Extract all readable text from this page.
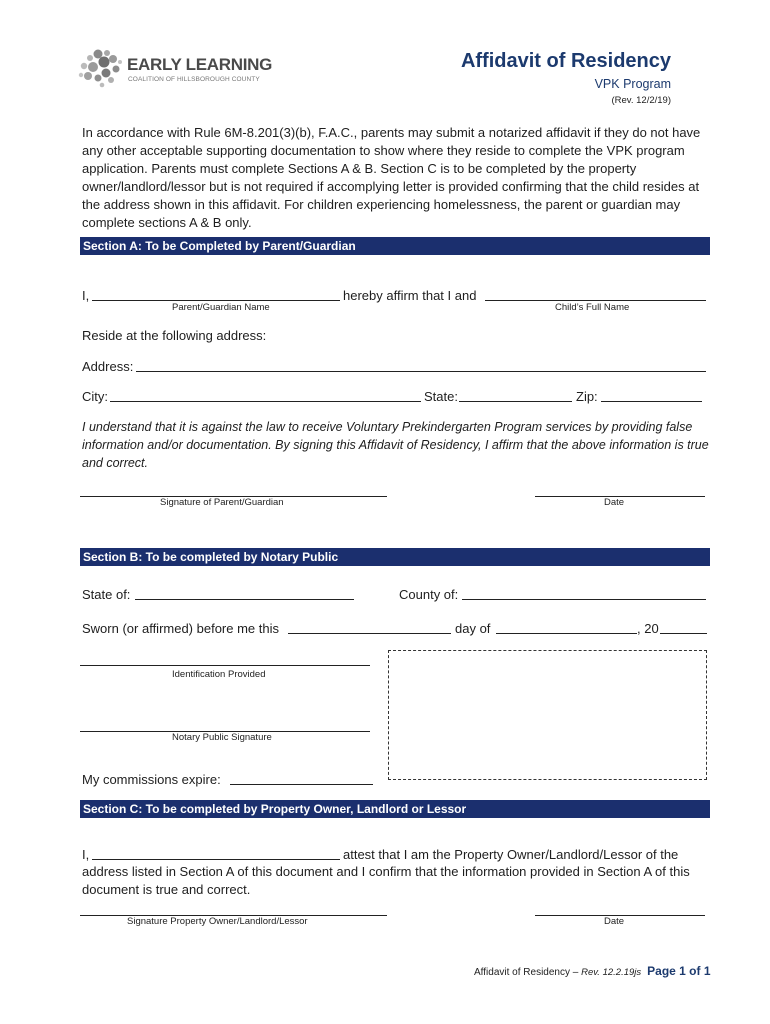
EARLY LEARNING
COALITION OF HILLSBOROUGH COUNTY
Affidavit of Residency
VPK Program
(Rev. 12/2/19)

In accordance with Rule 6M-8.201(3)(b), F.A.C., parents may submit a notarized affidavit if they do not have any other acceptable supporting documentation to show where they reside to complete the VPK program application. Parents must complete Sections A & B. Section C is to be completed by the property owner/landlord/lessor but is not required if accomplying letter is provided confirming that the child resides at the address shown in this affidavit. For children experiencing homelessness, the parent or guardian may complete sections A & B only.

Section A: To be Completed by Parent/Guardian
I,	hereby affirm that I and
Parent/Guardian Name	Child’s Full Name
Reside at the following address:
Address:
City:	State:	Zip:

I understand that it is against the law to receive Voluntary Prekindergarten Program services by providing false information and/or documentation. By signing this Affidavit of Residency, I affirm that the above information is true and correct.

Signature of Parent/Guardian	Date
Section B: To be completed by Notary Public
State of:	County of:
Sworn (or affirmed) before me this	day of	, 20
Identification Provided
Notary Public Signature
My commissions expire:
Section C: To be completed by Property Owner, Landlord or Lessor
I,	attest that I am the Property Owner/Landlord/Lessor of the

address listed in Section A of this document and I confirm that the information provided in Section A of this document is true and correct.

Signature Property Owner/Landlord/Lessor	Date
Affidavit of Residency – Rev. 12.2.19js Page 1 of 1
